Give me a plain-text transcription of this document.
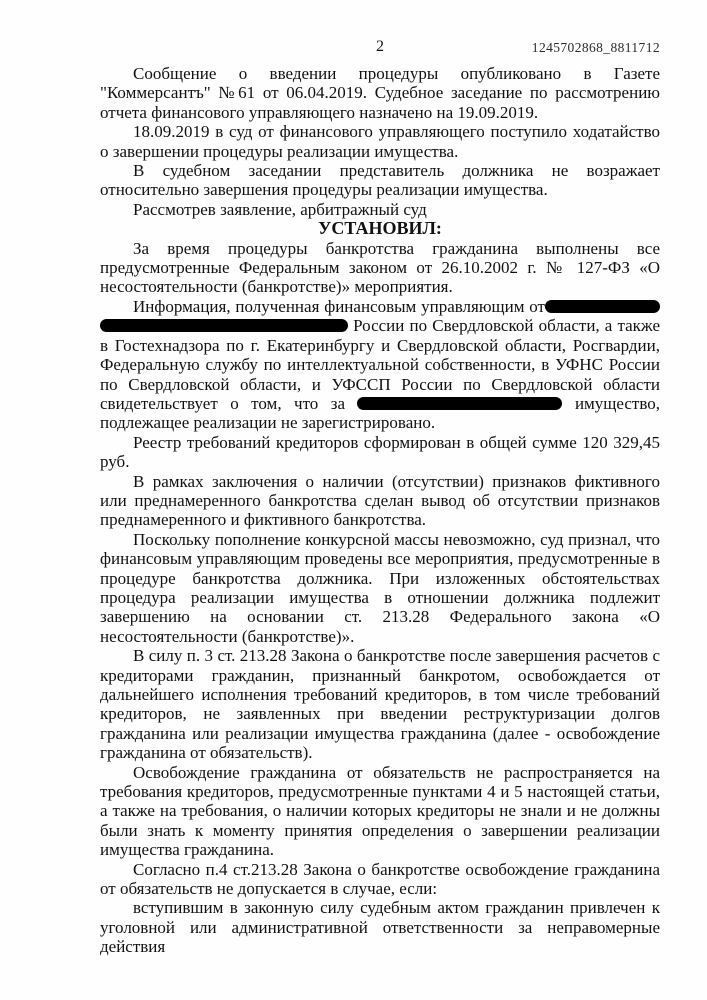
2	1245702868_8811712

Сообщение о введении процедуры опубликовано в Газете "Коммерсантъ" №61 от 06.04.2019. Судебное заседание по рассмотрению отчета финансового управляющего назначено на 19.09.2019.

18.09.2019 в суд от финансового управляющего поступило ходатайство о завершении процедуры реализации имущества.

В судебном заседании представитель должника не возражает относительно завершения процедуры реализации имущества.

Рассмотрев заявление, арбитражный суд

УСТАНОВИЛ:

За время процедуры банкротства гражданина выполнены все предусмотренные Федеральным законом от 26.10.2002 г. № 127-ФЗ «О несостоятельности (банкротстве)» мероприятия.

Информация, полученная финансовым управляющим от  России по Свердловской области, а также в Гостехнадзора по г. Екатеринбургу и Свердловской области, Росгвардии, Федеральную службу по интеллектуальной собственности, в УФНС России по Свердловской области, и УФССП России по Свердловской области свидетельствует о том, что за	имущество, подлежащее реализации не зарегистрировано.

Реестр требований кредиторов сформирован в общей сумме 120 329,45 руб.

В рамках заключения о наличии (отсутствии) признаков фиктивного или преднамеренного банкротства сделан вывод об отсутствии признаков преднамеренного и фиктивного банкротства.

Поскольку пополнение конкурсной массы невозможно, суд признал, что финансовым управляющим проведены все мероприятия, предусмотренные в процедуре банкротства должника. При изложенных обстоятельствах процедура реализации имущества в отношении должника подлежит завершению на основании ст. 213.28 Федерального закона «О несостоятельности (банкротстве)».

В силу п. 3 ст. 213.28 Закона о банкротстве после завершения расчетов с кредиторами гражданин, признанный банкротом, освобождается от дальнейшего исполнения требований кредиторов, в том числе требований кредиторов, не заявленных при введении реструктуризации долгов гражданина или реализации имущества гражданина (далее - освобождение гражданина от обязательств).

Освобождение гражданина от обязательств не распространяется на требования кредиторов, предусмотренные пунктами 4 и 5 настоящей статьи, а также на требования, о наличии которых кредиторы не знали и не должны были знать к моменту принятия определения о завершении реализации имущества гражданина.

Согласно п.4 ст.213.28 Закона о банкротстве освобождение гражданина от обязательств не допускается в случае, если:

вступившим в законную силу судебным актом гражданин привлечен к уголовной или административной ответственности за неправомерные действия
